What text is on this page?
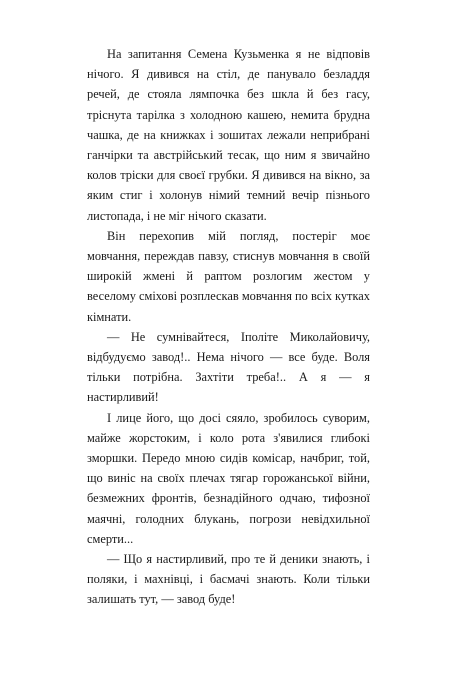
На запитання Семена Кузьменка я не відповів нічого. Я дивився на стіл, де панувало безладдя речей, де стояла лямпочка без шкла й без гасу, тріснута тарілка з холодною кашею, немита брудна чашка, де на книжках і зошитах лежали неприбрані ганчірки та австрійський тесак, що ним я звичайно колов тріски для своєї грубки. Я дивився на вікно, за яким стиг і холонув німий темний вечір пізнього листопада, і не міг нічого сказати.

Він перехопив мій погляд, постеріг моє мовчання, переждав павзу, стиснув мовчання в своїй широкій жмені й раптом розлогим жестом у веселому сміхові розплескав мовчання по всіх кутках кімнати.

— Не сумнівайтеся, Іполіте Миколайовичу, відбудуємо завод!.. Нема нічого — все буде. Воля тільки потрібна. Захтіти треба!.. А я — я настирливий!

І лице його, що досі сяяло, зробилось суворим, майже жорстоким, і коло рота з'явилися глибокі зморшки. Передо мною сидів комісар, начбриг, той, що виніс на своїх плечах тягар горожанської війни, безмежних фронтів, безнадійного одчаю, тифозної маячні, голодних блукань, погрози невідхильної смерти...

— Що я настирливий, про те й деники знають, і поляки, і махнівці, і басмачі знають. Коли тільки залишать тут, — завод буде!
